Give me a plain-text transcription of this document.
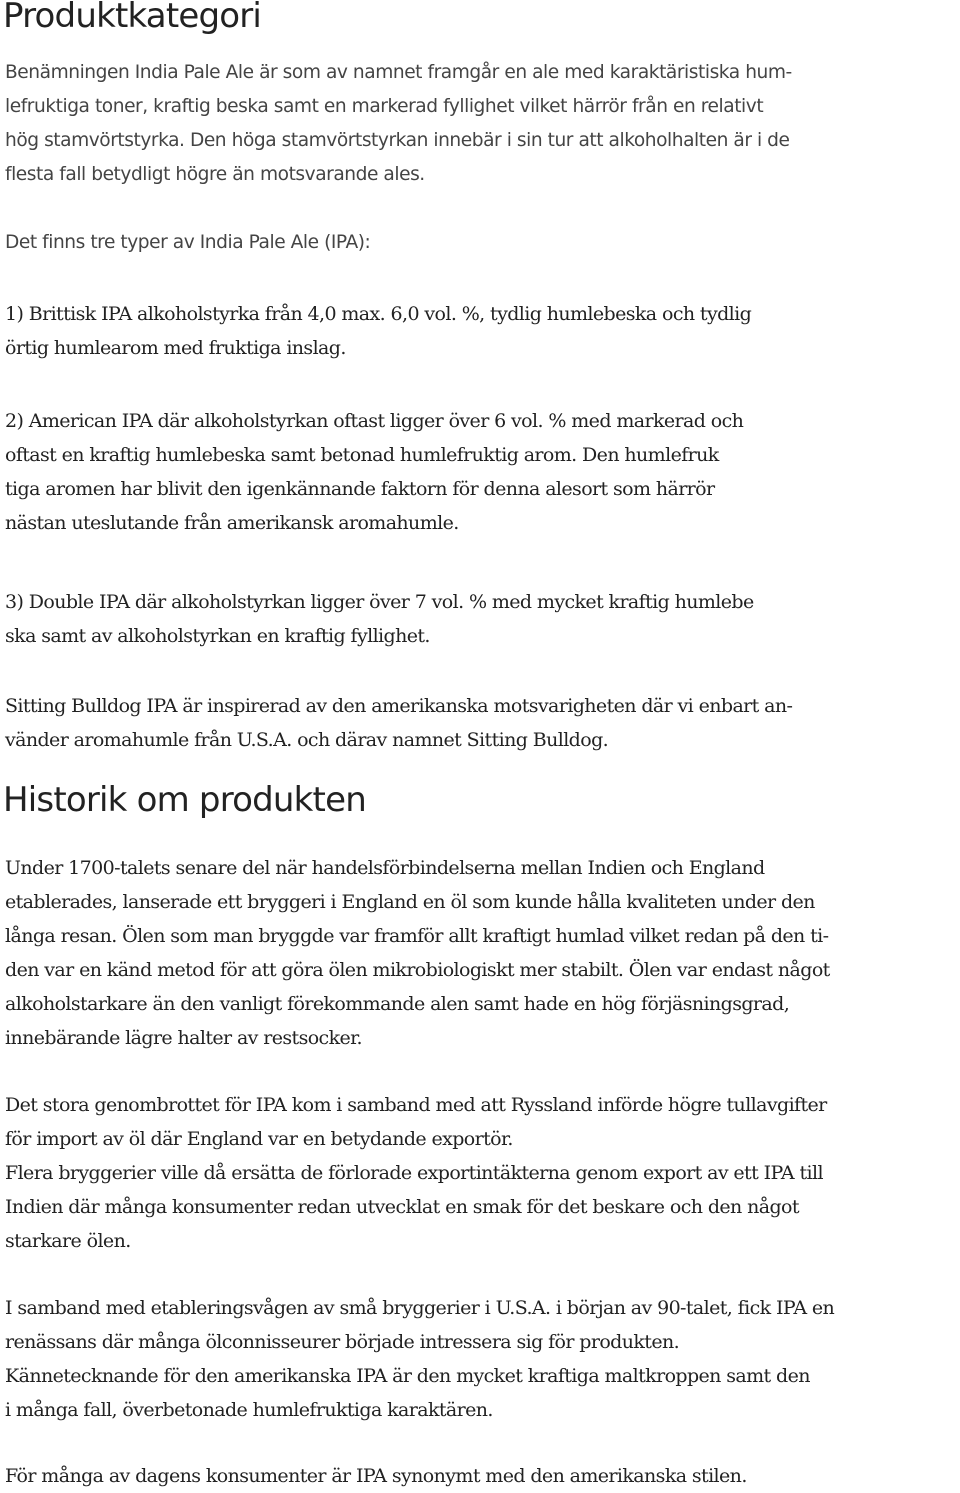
Produktkategori

Benämningen India Pale Ale är som av namnet framgår en ale med karaktäristiska hum-
lefruktiga toner, kraftig beska samt en markerad fyllighet vilket härrör från en relativt
hög stamvörtstyrka. Den höga stamvörtstyrkan innebär i sin tur att alkoholhalten är i de
flesta fall betydligt högre än motsvarande ales.

Det finns tre typer av India Pale Ale (IPA):

1) Brittisk IPA alkoholstyrka från 4,0 max. 6,0 vol. %, tydlig humlebeska och tydlig
örtig humlearom med fruktiga inslag.

2) American IPA där alkoholstyrkan oftast ligger över 6 vol. % med markerad och
oftast en kraftig humlebeska samt betonad humlefruktig arom. Den humlefruk
tiga aromen har blivit den igenkännande faktorn för denna alesort som härrör
nästan uteslutande från amerikansk aromahumle.

3) Double IPA där alkoholstyrkan ligger över 7 vol. % med mycket kraftig humlebe
ska samt av alkoholstyrkan en kraftig fyllighet.

Sitting Bulldog IPA är inspirerad av den amerikanska motsvarigheten där vi enbart an-
vänder aromahumle från U.S.A. och därav namnet Sitting Bulldog.

Historik om produkten

Under 1700-talets senare del när handelsförbindelserna mellan Indien och England
etablerades, lanserade ett bryggeri i England en öl som kunde hålla kvaliteten under den
långa resan. Ölen som man bryggde var framför allt kraftigt humlad vilket redan på den ti-
den var en känd metod för att göra ölen mikrobiologiskt mer stabilt. Ölen var endast något
alkoholstarkare än den vanligt förekommande alen samt hade en hög förjäsningsgrad,
innebärande lägre halter av restsocker.

Det stora genombrottet för IPA kom i samband med att Ryssland införde högre tullavgifter
för import av öl där England var en betydande exportör.
Flera bryggerier ville då ersätta de förlorade exportintäkterna genom export av ett IPA till
Indien där många konsumenter redan utvecklat en smak för det beskare och den något
starkare ölen.

I samband med etableringsvågen av små bryggerier i U.S.A. i början av 90-talet, fick IPA en
renässans där många ölconnisseurer började intressera sig för produkten.
Kännetecknande för den amerikanska IPA är den mycket kraftiga maltkroppen samt den
i många fall, överbetonade humlefruktiga karaktären.

För många av dagens konsumenter är IPA synonymt med den amerikanska stilen.
